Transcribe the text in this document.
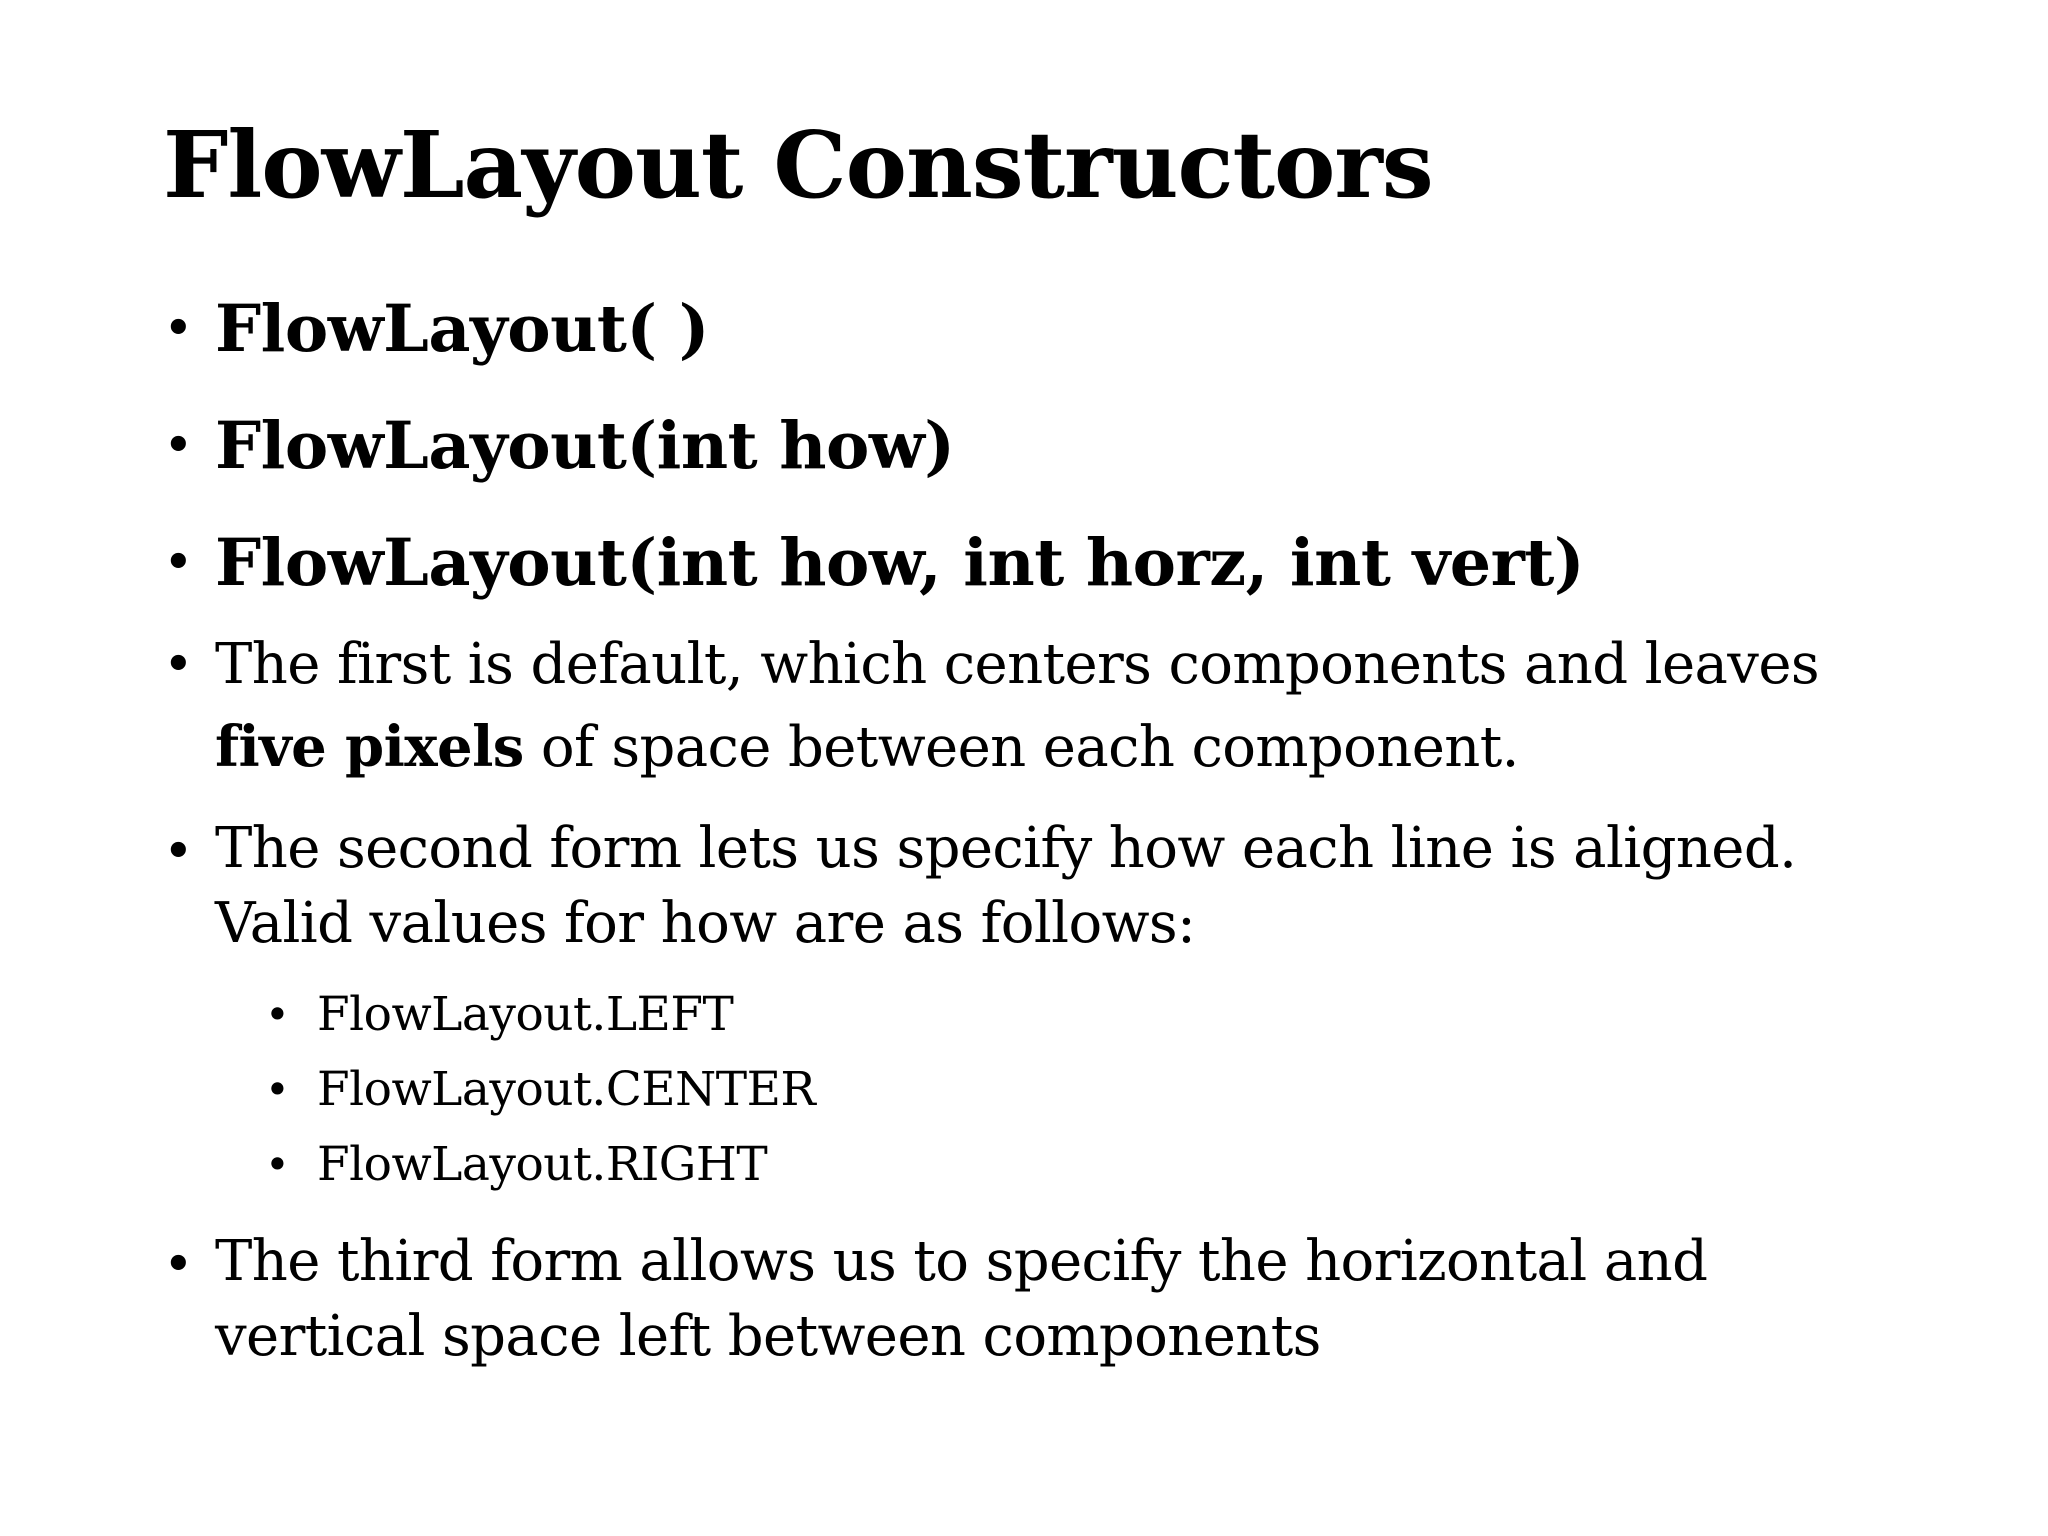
FlowLayout Constructors
• FlowLayout( )
• FlowLayout(int how)
• FlowLayout(int how, int horz, int vert)
• The first is default, which centers components and leaves
five pixels of space between each component.
• The second form lets us specify how each line is aligned.
Valid values for how are as follows:
• FlowLayout.LEFT
• FlowLayout.CENTER
• FlowLayout.RIGHT
• The third form allows us to specify the horizontal and
vertical space left between components
